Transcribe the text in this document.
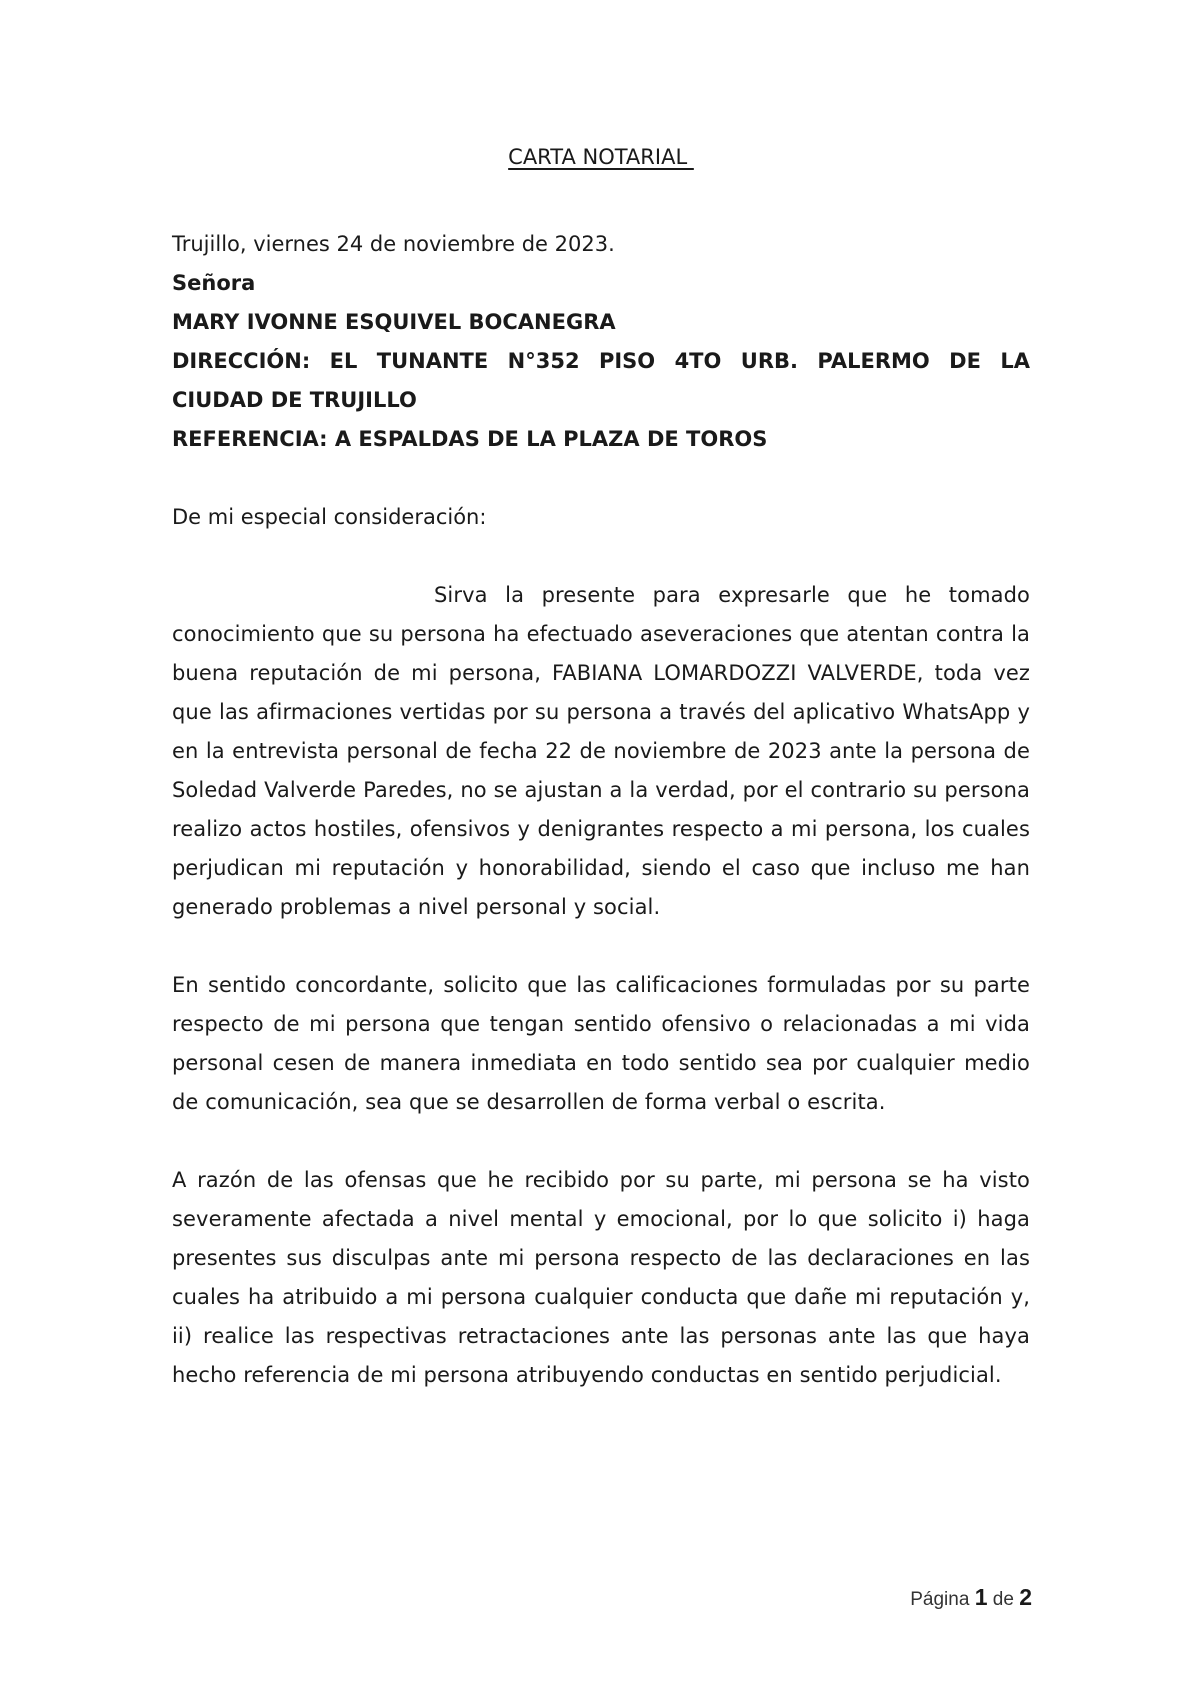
CARTA NOTARIAL

Trujillo, viernes 24 de noviembre de 2023.

Señora

MARY IVONNE ESQUIVEL BOCANEGRA

DIRECCIÓN: EL TUNANTE N°352 PISO 4TO URB. PALERMO DE LA

CIUDAD DE TRUJILLO

REFERENCIA: A ESPALDAS DE LA PLAZA DE TOROS

De mi especial consideración:

Sirva la presente para expresarle que he tomado conocimiento que su persona ha efectuado aseveraciones que atentan contra la buena reputación de mi persona, FABIANA LOMARDOZZI VALVERDE, toda vez que las afirmaciones vertidas por su persona a través del aplicativo WhatsApp y en la entrevista personal de fecha 22 de noviembre de 2023 ante la persona de Soledad Valverde Paredes, no se ajustan a la verdad, por el contrario su persona realizo actos hostiles, ofensivos y denigrantes respecto a mi persona, los cuales perjudican mi reputación y honorabilidad, siendo el caso que incluso me han generado problemas a nivel personal y social.

En sentido concordante, solicito que las calificaciones formuladas por su parte respecto de mi persona que tengan sentido ofensivo o relacionadas a mi vida personal cesen de manera inmediata en todo sentido sea por cualquier medio de comunicación, sea que se desarrollen de forma verbal o escrita.

A razón de las ofensas que he recibido por su parte, mi persona se ha visto severamente afectada a nivel mental y emocional, por lo que solicito i) haga presentes sus disculpas ante mi persona respecto de las declaraciones en las cuales ha atribuido a mi persona cualquier conducta que dañe mi reputación y, ii) realice las respectivas retractaciones ante las personas ante las que haya hecho referencia de mi persona atribuyendo conductas en sentido perjudicial.

Página 1 de 2
